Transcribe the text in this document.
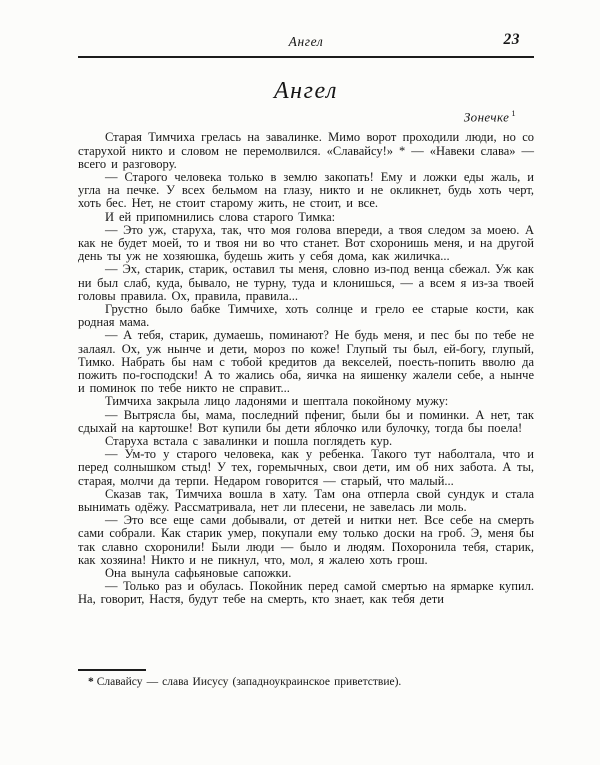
Ангел	23
Ангел
Зонечке $^1$

Старая Тимчиха грелась на завалинке. Мимо ворот проходили люди, но со старухой никто и словом не перемолвился. «Славайсу!» * — «Навеки слава» — всего и разговору.

— Старого человека только в землю закопать! Ему и ложки еды жаль, и угла на печке. У всех бельмом на глазу, никто и не окликнет, будь хоть черт, хоть бес. Нет, не стоит старому жить, не стоит, и все.

И ей припомнились слова старого Тимка:

— Это уж, старуха, так, что моя голова впереди, а твоя следом за моею. А как не будет моей, то и твоя ни во что станет. Вот схоронишь меня, и на другой день ты уж не хозяюшка, будешь жить у себя дома, как жиличка...

— Эх, старик, старик, оставил ты меня, словно из-под венца сбежал. Уж как ни был слаб, куда, бывало, не турну, туда и клонишься, — а всем я из-за твоей головы правила. Ох, правила, правила...

Грустно было бабке Тимчихе, хоть солнце и грело ее старые кости, как родная мама.

— А тебя, старик, думаешь, поминают? Не будь меня, и пес бы по тебе не залаял. Ох, уж нынче и дети, мороз по коже! Глупый ты был, ей-богу, глупый, Тимко. Набрать бы нам с тобой кредитов да векселей, поесть-попить вволю да пожить по-господски! А то жались оба, яичка на яишенку жалели себе, а нынче и поминок по тебе никто не справит...

Тимчиха закрыла лицо ладонями и шептала покойному мужу:

— Вытрясла бы, мама, последний пфениг, были бы и поминки. А нет, так сдыхай на картошке! Вот купили бы дети яблочко или булочку, тогда бы поела!

Старуха встала с завалинки и пошла поглядеть кур.

— Ум-то у старого человека, как у ребенка. Такого тут наболтала, что и перед солнышком стыд! У тех, горемычных, свои дети, им об них забота. А ты, старая, молчи да терпи. Недаром говорится — старый, что малый...

Сказав так, Тимчиха вошла в хату. Там она отперла свой сундук и стала вынимать одёжу. Рассматривала, нет ли плесени, не завелась ли моль.

— Это все еще сами добывали, от детей и нитки нет. Все себе на смерть сами собрали. Как старик умер, покупали ему только доски на гроб. Э, меня бы так славно схоронили! Были люди — было и людям. Похоронила тебя, старик, как хозяина! Никто и не пикнул, что, мол, я жалею хоть грош.

Она вынула сафьяновые сапожки.

— Только раз и обулась. Покойник перед самой смертью на ярмарке купил. На, говорит, Настя, будут тебе на смерть, кто знает, как тебя дети

* Славайсу — слава Иисусу (западноукраинское приветствие).
